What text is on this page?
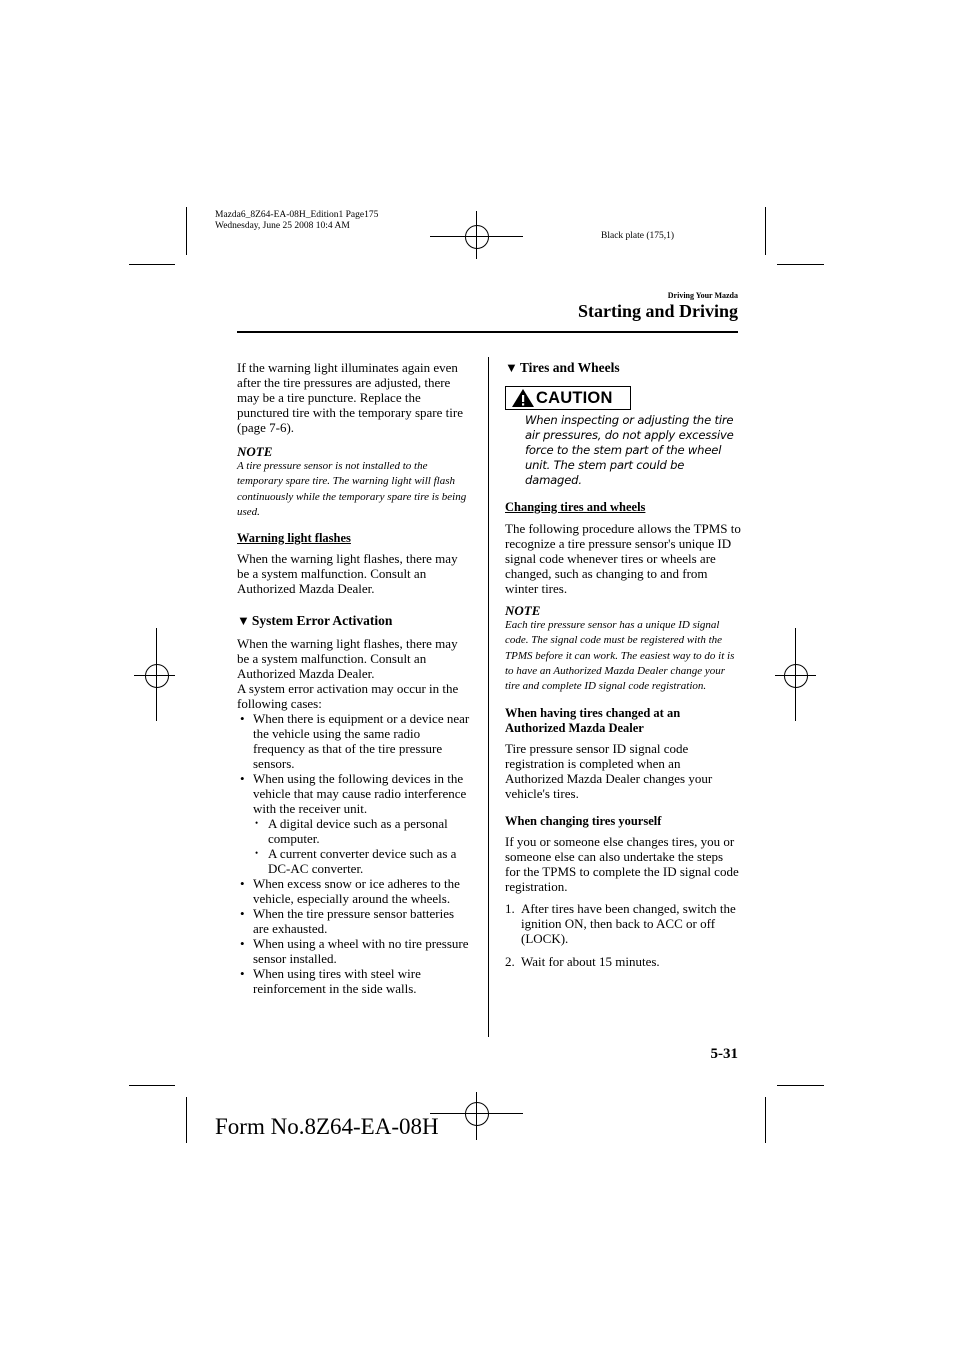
Mazda6_8Z64-EA-08H_Edition1 Page175
Wednesday, June 25 2008 10:4 AM
Black plate (175,1)
Driving Your Mazda
Starting and Driving

If the warning light illuminates again even after the tire pressures are adjusted, there may be a tire puncture. Replace the punctured tire with the temporary spare tire (page 7-6).

NOTE

A tire pressure sensor is not installed to the temporary spare tire. The warning light will flash continuously while the temporary spare tire is being used.

Warning light flashes

When the warning light flashes, there may be a system malfunction. Consult an Authorized Mazda Dealer.

▼ System Error Activation

When the warning light flashes, there may be a system malfunction. Consult an Authorized Mazda Dealer.

A system error activation may occur in the following cases:

• When there is equipment or a device near the vehicle using the same radio frequency as that of the tire pressure sensors.
• When using the following devices in the vehicle that may cause radio interference with the receiver unit.
• A digital device such as a personal computer.
• A current converter device such as a DC-AC converter.
• When excess snow or ice adheres to the vehicle, especially around the wheels.
• When the tire pressure sensor batteries are exhausted.
• When using a wheel with no tire pressure sensor installed.
• When using tires with steel wire reinforcement in the side walls.
▼ Tires and Wheels
CAUTION
When inspecting or adjusting the tire air pressures, do not apply excessive force to the stem part of the wheel unit. The stem part could be damaged.
Changing tires and wheels

The following procedure allows the TPMS to recognize a tire pressure sensor's unique ID signal code whenever tires or wheels are changed, such as changing to and from winter tires.

NOTE

Each tire pressure sensor has a unique ID signal code. The signal code must be registered with the TPMS before it can work. The easiest way to do it is to have an Authorized Mazda Dealer change your tire and complete ID signal code registration.

When having tires changed at an Authorized Mazda Dealer

Tire pressure sensor ID signal code registration is completed when an Authorized Mazda Dealer changes your vehicle's tires.

When changing tires yourself

If you or someone else changes tires, you or someone else can also undertake the steps for the TPMS to complete the ID signal code registration.

1. After tires have been changed, switch the ignition ON, then back to ACC or off (LOCK).
2. Wait for about 15 minutes.
5-31
Form No.8Z64-EA-08H
